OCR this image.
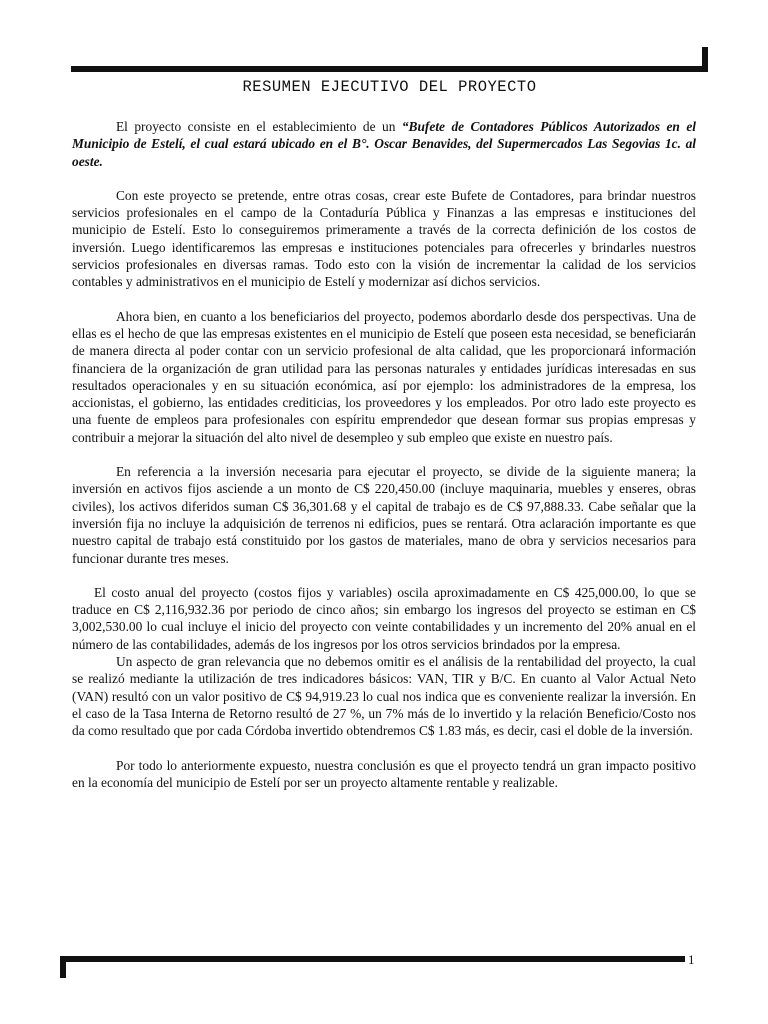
RESUMEN EJECUTIVO DEL PROYECTO

El proyecto consiste en el establecimiento de un “Bufete de Contadores Públicos Autorizados en el Municipio de Estelí, el cual estará ubicado en el B°. Oscar Benavides, del Supermercados Las Segovias 1c. al oeste.

Con este proyecto se pretende, entre otras cosas, crear este Bufete de Contadores, para brindar nuestros servicios profesionales en el campo de la Contaduría Pública y Finanzas a las empresas e instituciones del municipio de Estelí. Esto lo conseguiremos primeramente a través de la correcta definición de los costos de inversión. Luego identificaremos las empresas e instituciones potenciales para ofrecerles y brindarles nuestros servicios profesionales en diversas ramas. Todo esto con la visión de incrementar la calidad de los servicios contables y administrativos en el municipio de Estelí y modernizar así dichos servicios.

Ahora bien, en cuanto a los beneficiarios del proyecto, podemos abordarlo desde dos perspectivas. Una de ellas es el hecho de que las empresas existentes en el municipio de Estelí que poseen esta necesidad, se beneficiarán de manera directa al poder contar con un servicio profesional de alta calidad, que les proporcionará información financiera de la organización de gran utilidad para las personas naturales y entidades jurídicas interesadas en sus resultados operacionales y en su situación económica, así por ejemplo: los administradores de la empresa, los accionistas, el gobierno, las entidades crediticias, los proveedores y los empleados. Por otro lado este proyecto es una fuente de empleos para profesionales con espíritu emprendedor que desean formar sus propias empresas y contribuir a mejorar la situación del alto nivel de desempleo y sub empleo que existe en nuestro país.

En referencia a la inversión necesaria para ejecutar el proyecto, se divide de la siguiente manera; la inversión en activos fijos asciende a un monto de C$ 220,450.00 (incluye maquinaria, muebles y enseres, obras civiles), los activos diferidos suman C$ 36,301.68 y el capital de trabajo es de C$ 97,888.33. Cabe señalar que la inversión fija no incluye la adquisición de terrenos ni edificios, pues se rentará. Otra aclaración importante es que nuestro capital de trabajo está constituido por los gastos de materiales, mano de obra y servicios necesarios para funcionar durante tres meses.

El costo anual del proyecto (costos fijos y variables) oscila aproximadamente en C$ 425,000.00, lo que se traduce en C$ 2,116,932.36 por periodo de cinco años; sin embargo los ingresos del proyecto se estiman en C$ 3,002,530.00 lo cual incluye el inicio del proyecto con veinte contabilidades y un incremento del 20% anual en el número de las contabilidades, además de los ingresos por los otros servicios brindados por la empresa.

Un aspecto de gran relevancia que no debemos omitir es el análisis de la rentabilidad del proyecto, la cual se realizó mediante la utilización de tres indicadores básicos: VAN, TIR y B/C. En cuanto al Valor Actual Neto (VAN) resultó con un valor positivo de C$ 94,919.23 lo cual nos indica que es conveniente realizar la inversión. En el caso de la Tasa Interna de Retorno resultó de 27 %, un 7% más de lo invertido y la relación Beneficio/Costo nos da como resultado que por cada Córdoba invertido obtendremos C$ 1.83 más, es decir, casi el doble de la inversión.

Por todo lo anteriormente expuesto, nuestra conclusión es que el proyecto tendrá un gran impacto positivo en la economía del municipio de Estelí por ser un proyecto altamente rentable y realizable.

1
